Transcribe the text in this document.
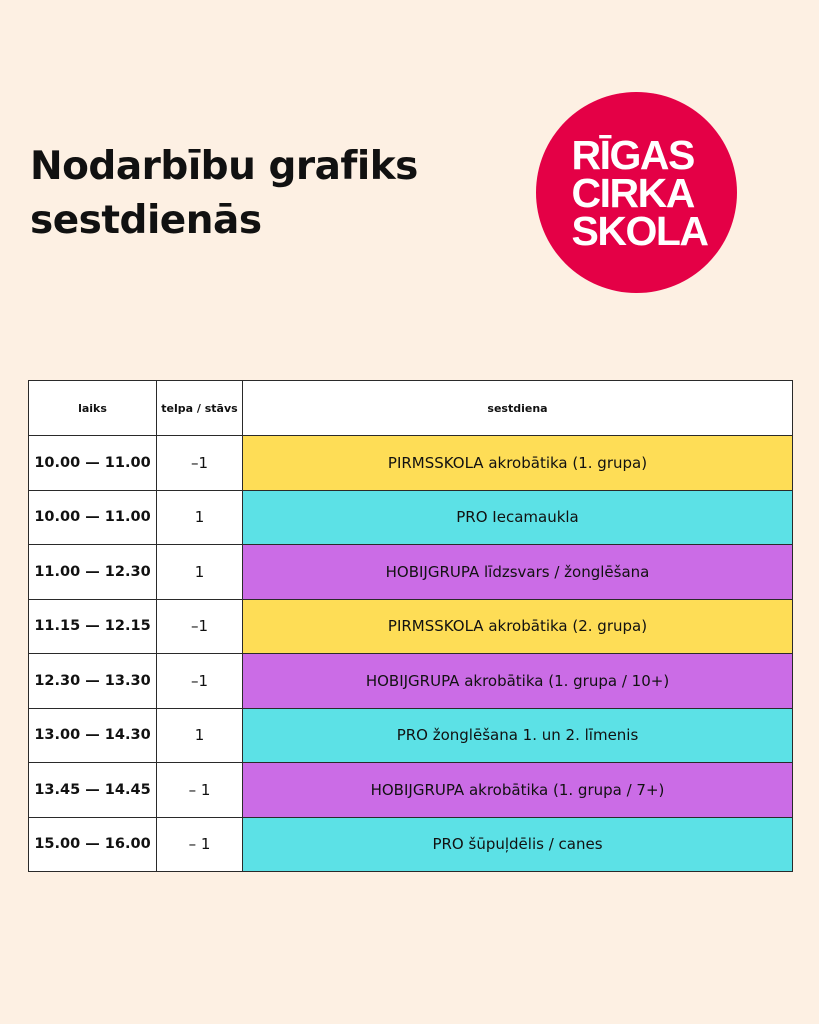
Nodarbību grafiks
sestdienās
RĪGAS
CIRKA
SKOLA
laiks	telpa / stāvs	sestdiena
10.00 — 11.00	–1	PIRMSSKOLA akrobātika (1. grupa)
10.00 — 11.00	1	PRO Iecamaukla
11.00 — 12.30	1	HOBIJGRUPA līdzsvars / žonglēšana
11.15 — 12.15	–1	PIRMSSKOLA akrobātika (2. grupa)
12.30 — 13.30	–1	HOBIJGRUPA akrobātika (1. grupa / 10+)
13.00 — 14.30	1	PRO žonglēšana 1. un 2. līmenis
13.45 — 14.45	– 1	HOBIJGRUPA akrobātika (1. grupa / 7+)
15.00 — 16.00	– 1	PRO šūpuļdēlis / canes
